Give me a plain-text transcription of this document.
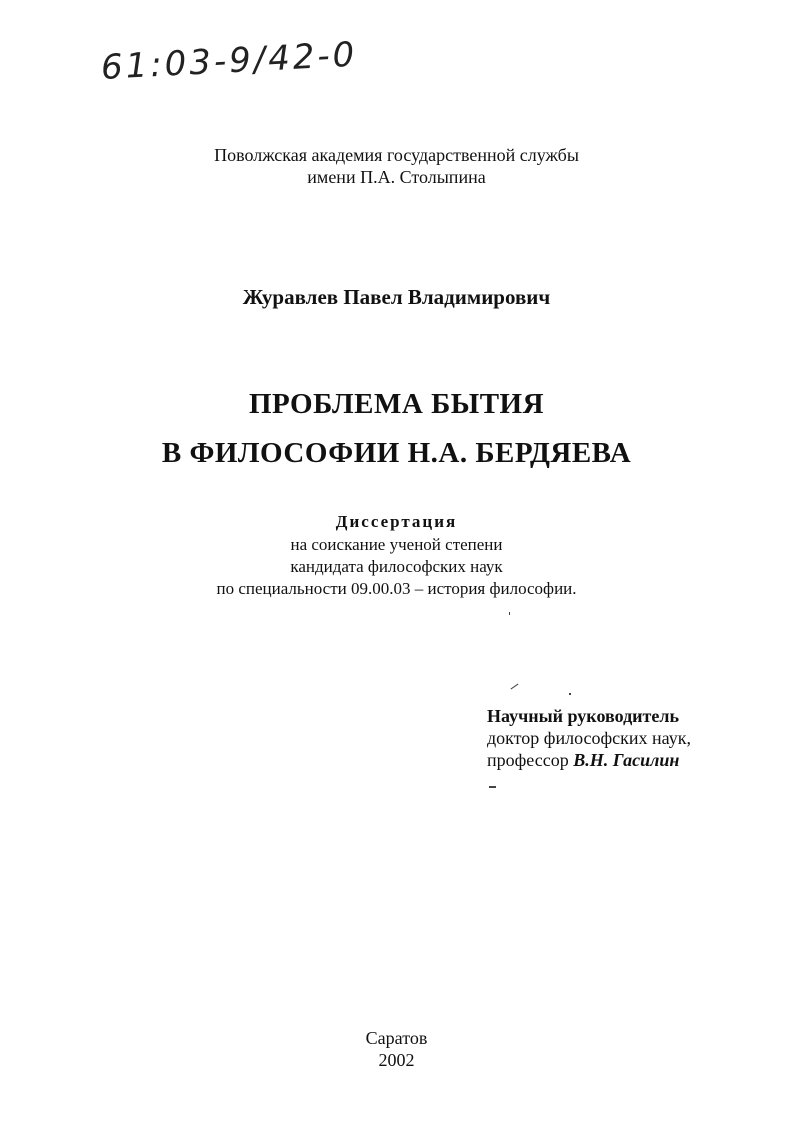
61:03-9/42-0
Поволжская академия государственной службы
имени П.А. Столыпина
Журавлев Павел Владимирович
ПРОБЛЕМА БЫТИЯ
В ФИЛОСОФИИ Н.А. БЕРДЯЕВА
Диссертация
на соискание ученой степени
кандидата философских наук
по специальности 09.00.03 – история философии.
Научный руководитель
доктор философских наук,
профессор В.Н. Гасилин
Саратов
2002
